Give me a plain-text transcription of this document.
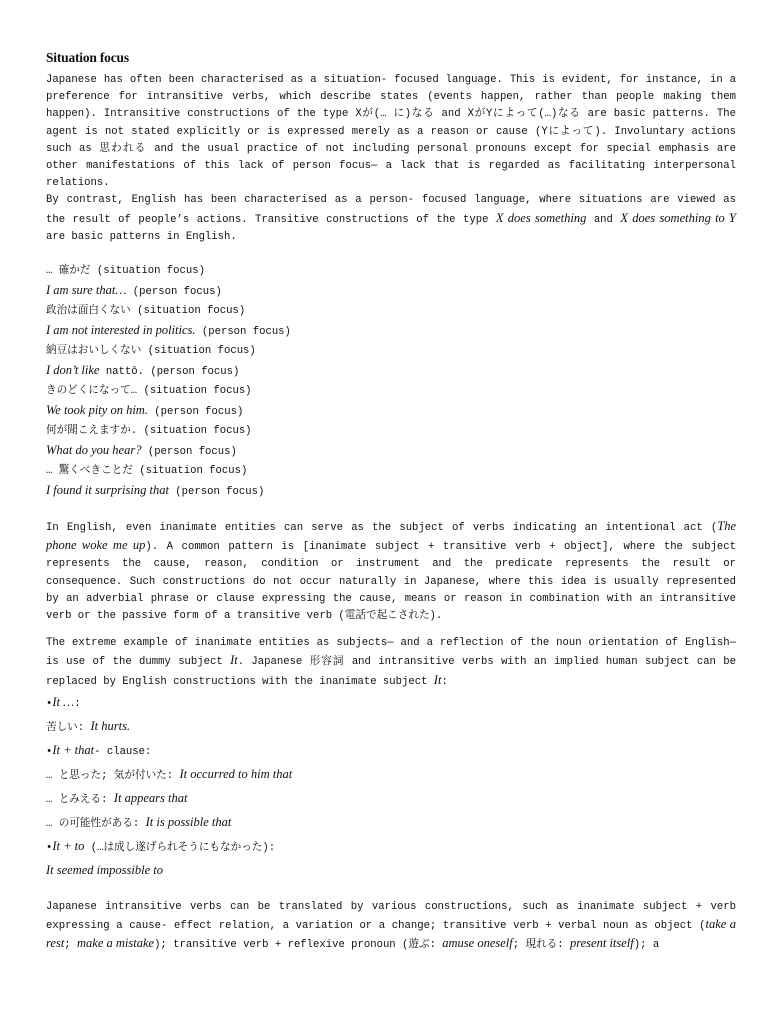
Situation focus

Japanese has often been characterised as a situation- focused language. This is evident, for instance, in a preference for intransitive verbs, which describe states (events happen, rather than people making them happen). Intransitive constructions of the type Xが(… に)なる and XがYによって(…)なる are basic patterns. The agent is not stated explicitly or is expressed merely as a reason or cause (Yによって). Involuntary actions such as 思われる and the usual practice of not including personal pronouns except for special emphasis are other manifestations of this lack of person focus— a lack that is regarded as facilitating interpersonal relations.

By contrast, English has been characterised as a person- focused language, where situations are viewed as the result of people’s actions. Transitive constructions of the type X does something and X does something to Y are basic patterns in English.

… 確かだ (situation focus)
I am sure that… (person focus)
政治は面白くない (situation focus)
I am not interested in politics. (person focus)
納豆はおいしくない (situation focus)
I don’t like nattō. (person focus)
きのどくになって… (situation focus)
We took pity on him. (person focus)
何が聞こえますか. (situation focus)
What do you hear? (person focus)
… 驚くべきことだ (situation focus)
I found it surprising that (person focus)

In English, even inanimate entities can serve as the subject of verbs indicating an intentional act (The phone woke me up). A common pattern is [inanimate subject + transitive verb + object], where the subject represents the cause, reason, condition or instrument and the predicate represents the result or consequence. Such constructions do not occur naturally in Japanese, where this idea is usually represented by an adverbial phrase or clause expressing the cause, means or reason in combination with an intransitive verb or the passive form of a transitive verb (電話で起こされた).

The extreme example of inanimate entities as subjects— and a reflection of the noun orientation of English— is use of the dummy subject It. Japanese 形容詞 and intransitive verbs with an implied human subject can be replaced by English constructions with the inanimate subject It:

•It …:
苦しい: It hurts.
•It + that- clause:
… と思った; 気が付いた: It occurred to him that
… とみえる: It appears that
… の可能性がある: It is possible that
•It + to (…は成し遂げられそうにもなかった):
It seemed impossible to

Japanese intransitive verbs can be translated by various constructions, such as inanimate subject + verb expressing a cause- effect relation, a variation or a change; transitive verb + verbal noun as object (take a rest; make a mistake); transitive verb + reflexive pronoun (遊ぶ: amuse oneself; 現れる: present itself); a
